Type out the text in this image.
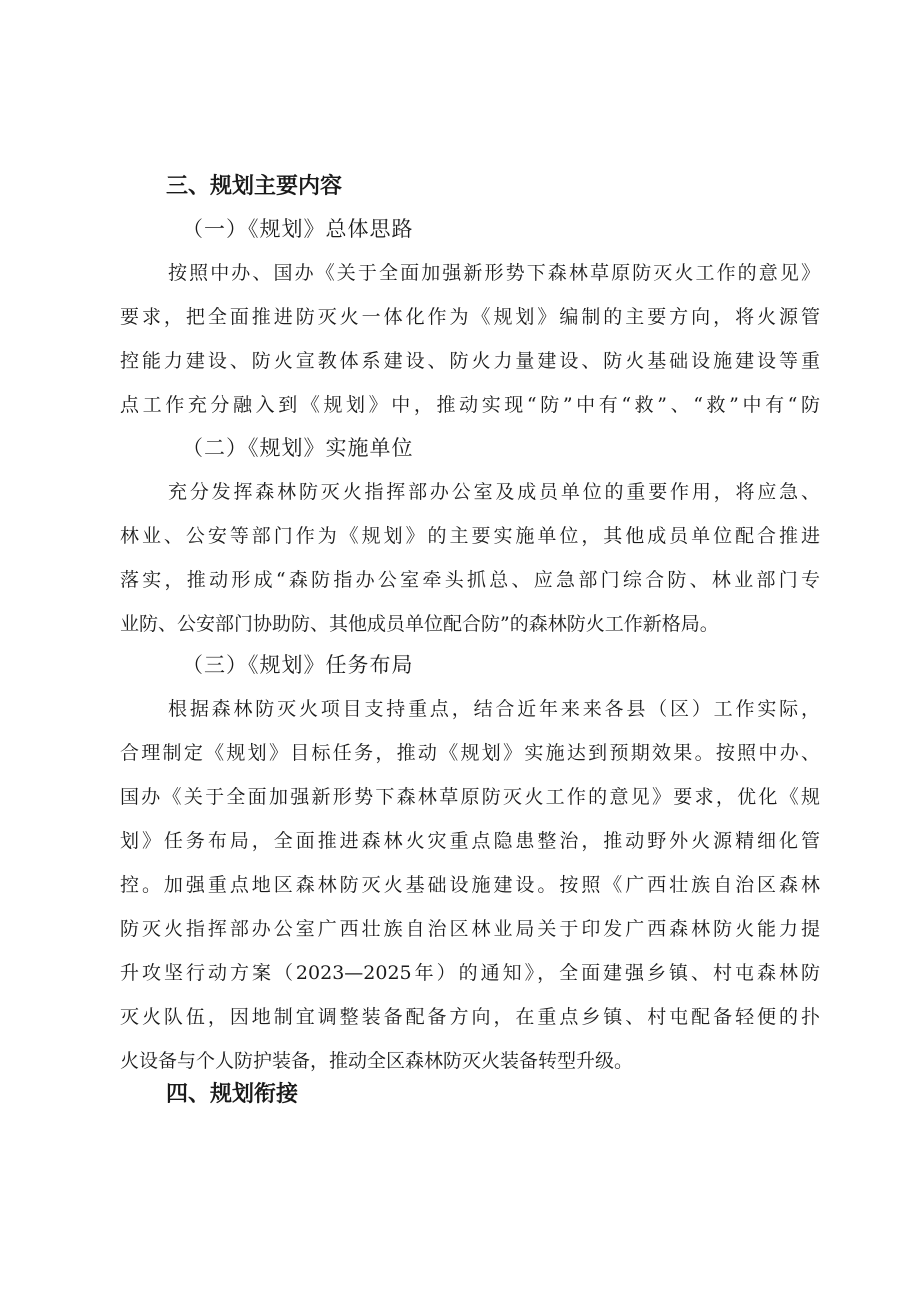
三、规划主要内容
（一）《规划》总体思路
按照中办、国办《关于全面加强新形势下森林草原防灭火工作的意见》
要求，把全面推进防灭火一体化作为《规划》编制的主要方向，将火源管
控能力建设、防火宣教体系建设、防火力量建设、防火基础设施建设等重
点工作充分融入到《规划》中，推动实现“防”中有“救”、“救”中有“防
（二）《规划》实施单位
充分发挥森林防灭火指挥部办公室及成员单位的重要作用，将应急、
林业、公安等部门作为《规划》的主要实施单位，其他成员单位配合推进
落实，推动形成“森防指办公室牵头抓总、应急部门综合防、林业部门专
业防、公安部门协助防、其他成员单位配合防”的森林防火工作新格局。
（三）《规划》任务布局
根据森林防灭火项目支持重点，结合近年来来各县（区）工作实际，
合理制定《规划》目标任务，推动《规划》实施达到预期效果。按照中办、
国办《关于全面加强新形势下森林草原防灭火工作的意见》要求，优化《规
划》任务布局，全面推进森林火灾重点隐患整治，推动野外火源精细化管
控。加强重点地区森林防灭火基础设施建设。按照《广西壮族自治区森林
防灭火指挥部办公室广西壮族自治区林业局关于印发广西森林防火能力提
升攻坚行动方案（2023—2025年）的通知》，全面建强乡镇、村屯森林防
灭火队伍，因地制宜调整装备配备方向，在重点乡镇、村屯配备轻便的扑
火设备与个人防护装备，推动全区森林防灭火装备转型升级。
四、规划衔接
